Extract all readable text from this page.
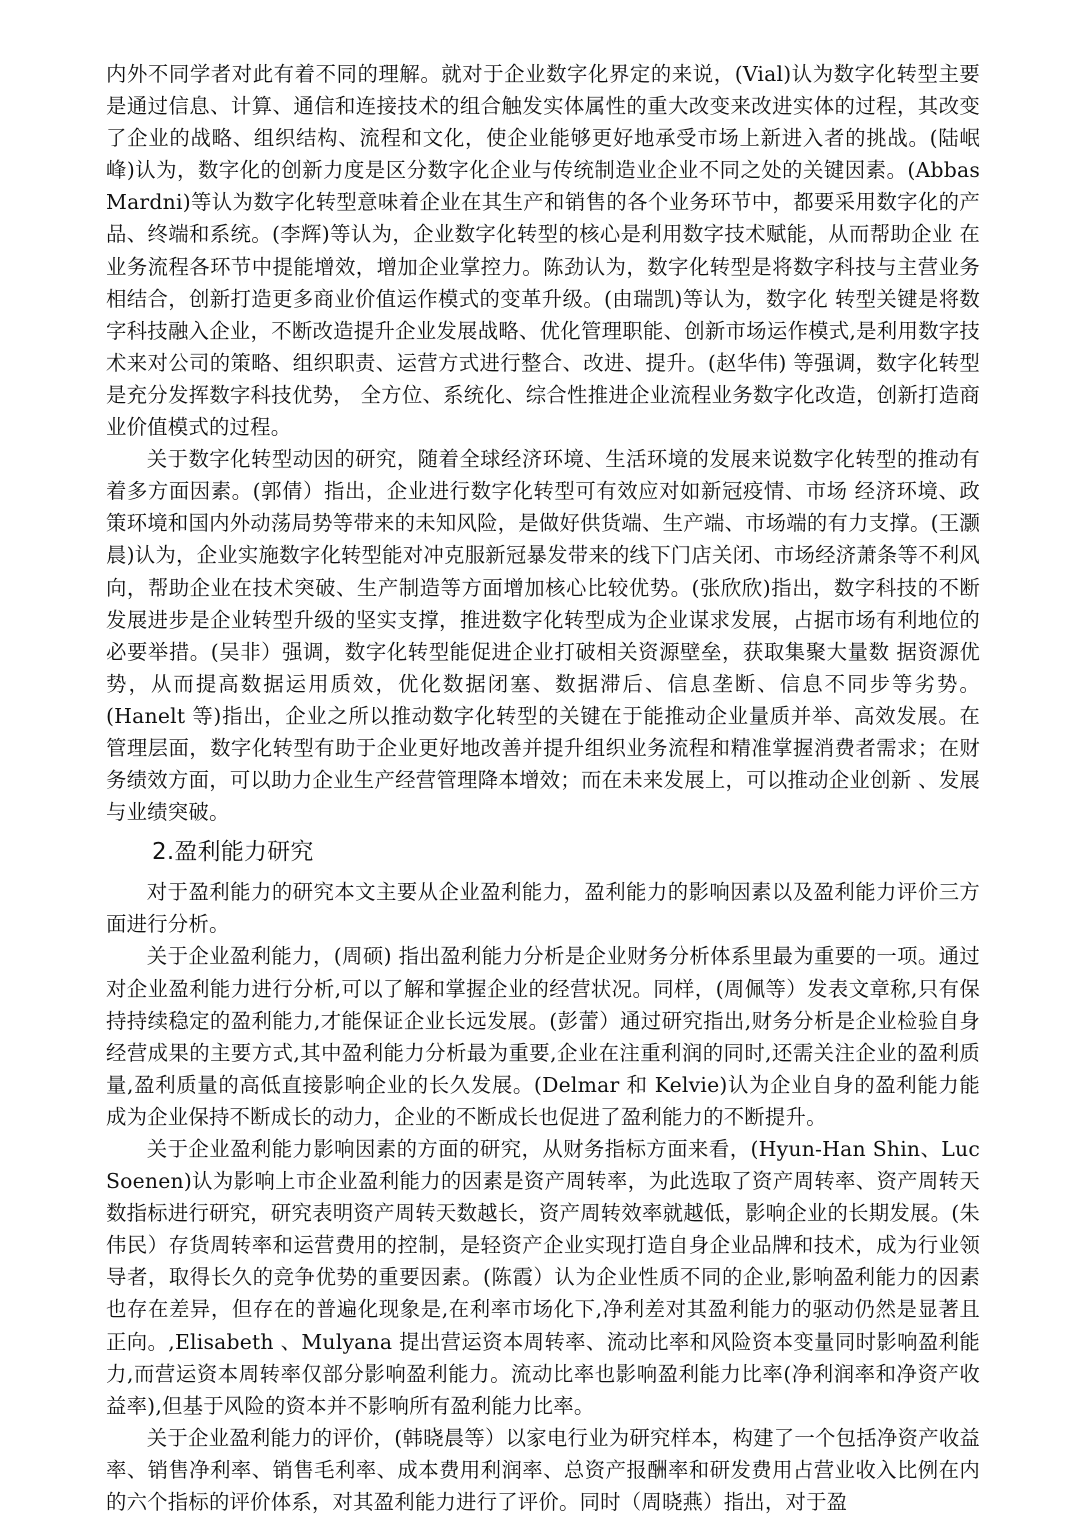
内外不同学者对此有着不同的理解。就对于企业数字化界定的来说，(Vial)认为数字化转型主要是通过信息、计算、通信和连接技术的组合触发实体属性的重大改变来改进实体的过程，其改变了企业的战略、组织结构、流程和文化，使企业能够更好地承受市场上新进入者的挑战。(陆岷峰)认为，数字化的创新力度是区分数字化企业与传统制造业企业不同之处的关键因素。(Abbas Mardni)等认为数字化转型意味着企业在其生产和销售的各个业务环节中，都要采用数字化的产品、终端和系统。(李辉)等认为，企业数字化转型的核心是利用数字技术赋能，从而帮助企业 在业务流程各环节中提能增效，增加企业掌控力。陈劲认为，数字化转型是将数字科技与主营业务相结合，创新打造更多商业价值运作模式的变革升级。(由瑞凯)等认为，数字化 转型关键是将数字科技融入企业，不断改造提升企业发展战略、优化管理职能、创新市场运作模式,是利用数字技术来对公司的策略、组织职责、运营方式进行整合、改进、提升。(赵华伟) 等强调，数字化转型是充分发挥数字科技优势， 全方位、系统化、综合性推进企业流程业务数字化改造，创新打造商业价值模式的过程。

关于数字化转型动因的研究，随着全球经济环境、生活环境的发展来说数字化转型的推动有着多方面因素。(郭倩）指出，企业进行数字化转型可有效应对如新冠疫情、市场 经济环境、政策环境和国内外动荡局势等带来的未知风险，是做好供货端、生产端、市场端的有力支撑。(王灏晨)认为，企业实施数字化转型能对冲克服新冠暴发带来的线下门店关闭、市场经济萧条等不利风向，帮助企业在技术突破、生产制造等方面增加核心比较优势。(张欣欣)指出，数字科技的不断发展进步是企业转型升级的坚实支撑，推进数字化转型成为企业谋求发展，占据市场有利地位的必要举措。(吴非）强调，数字化转型能促进企业打破相关资源壁垒，获取集聚大量数 据资源优势，从而提高数据运用质效，优化数据闭塞、数据滞后、信息垄断、信息不同步等劣势。(Hanelt 等)指出，企业之所以推动数字化转型的关键在于能推动企业量质并举、高效发展。在管理层面，数字化转型有助于企业更好地改善并提升组织业务流程和精准掌握消费者需求；在财务绩效方面，可以助力企业生产经营管理降本增效；而在未来发展上，可以推动企业创新 、发展与业绩突破。

2.盈利能力研究

对于盈利能力的研究本文主要从企业盈利能力，盈利能力的影响因素以及盈利能力评价三方面进行分析。

关于企业盈利能力，(周硕) 指出盈利能力分析是企业财务分析体系里最为重要的一项。通过对企业盈利能力进行分析,可以了解和掌握企业的经营状况。同样，(周佩等）发表文章称,只有保持持续稳定的盈利能力,才能保证企业长远发展。(彭蕾）通过研究指出,财务分析是企业检验自身经营成果的主要方式,其中盈利能力分析最为重要,企业在注重利润的同时,还需关注企业的盈利质量,盈利质量的高低直接影响企业的长久发展。(Delmar 和 Kelvie)认为企业自身的盈利能力能成为企业保持不断成长的动力，企业的不断成长也促进了盈利能力的不断提升。

关于企业盈利能力影响因素的方面的研究，从财务指标方面来看，(Hyun-Han Shin、Luc Soenen)认为影响上市企业盈利能力的因素是资产周转率，为此选取了资产周转率、资产周转天数指标进行研究，研究表明资产周转天数越长，资产周转效率就越低，影响企业的长期发展。(朱伟民）存货周转率和运营费用的控制，是轻资产企业实现打造自身企业品牌和技术，成为行业领导者，取得长久的竞争优势的重要因素。(陈霞）认为企业性质不同的企业,影响盈利能力的因素也存在差异，但存在的普遍化现象是,在利率市场化下,净利差对其盈利能力的驱动仍然是显著且正向。,Elisabeth 、Mulyana 提出营运资本周转率、流动比率和风险资本变量同时影响盈利能力,而营运资本周转率仅部分影响盈利能力。流动比率也影响盈利能力比率(净利润率和净资产收益率),但基于风险的资本并不影响所有盈利能力比率。

关于企业盈利能力的评价，(韩晓晨等）以家电行业为研究样本，构建了一个包括净资产收益率、销售净利率、销售毛利率、成本费用利润率、总资产报酬率和研发费用占营业收入比例在内的六个指标的评价体系，对其盈利能力进行了评价。同时（周晓燕）指出，对于盈
